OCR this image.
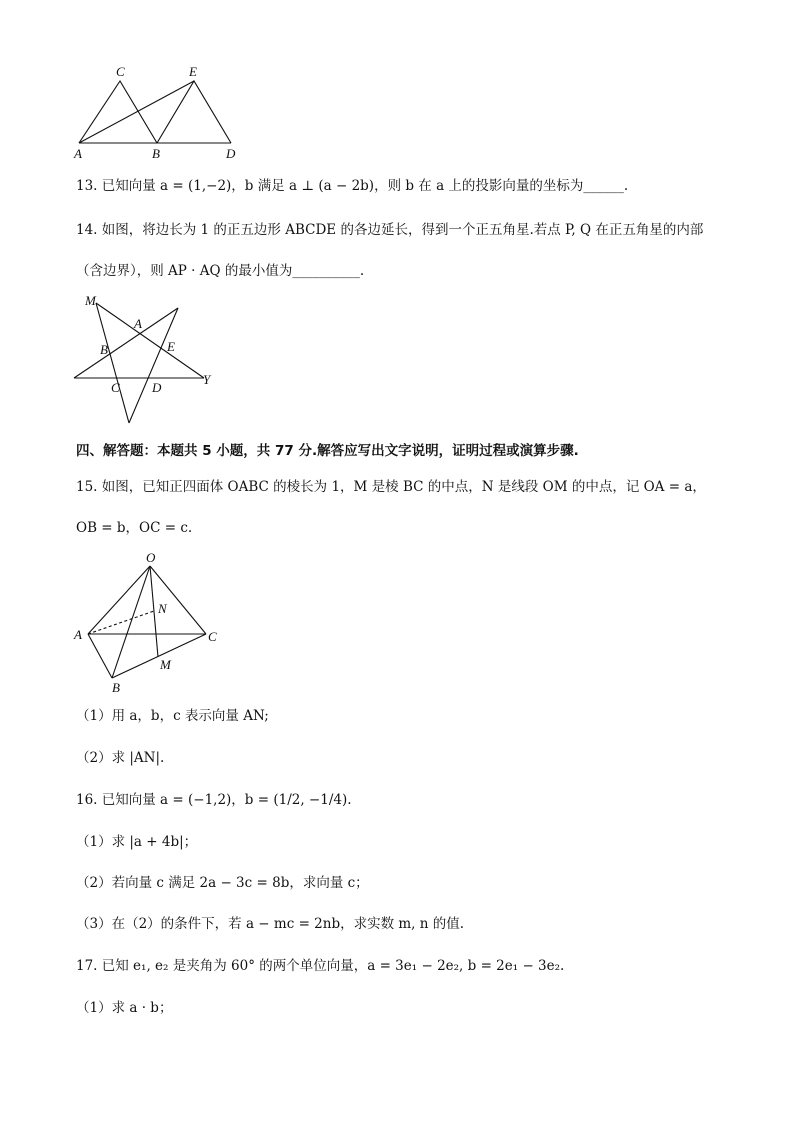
C	E
A	B	D
13. 已知向量 a = (1,−2)，b 满足 a ⊥ (a − 2b)，则 b 在 a 上的投影向量的坐标为______.
14. 如图，将边长为 1 的正五边形 ABCDE 的各边延长，得到一个正五角星.若点 P, Q 在正五角星的内部
（含边界），则 AP · AQ 的最小值为__________.
M
A
B	E
C D
Y
四、解答题：本题共 5 小题，共 77 分.解答应写出文字说明，证明过程或演算步骤.
15. 如图，已知正四面体 OABC 的棱长为 1，M 是棱 BC 的中点，N 是线段 OM 的中点，记 OA = a，
OB = b，OC = c.
O
N
A	C
M
B
（1）用 a，b，c 表示向量 AN;
（2）求 |AN|.
16. 已知向量 a = (−1,2)，b = (1/2, −1/4).
（1）求 |a + 4b|；
（2）若向量 c 满足 2a − 3c = 8b，求向量 c；
（3）在（2）的条件下，若 a − mc = 2nb，求实数 m, n 的值.
17. 已知 e₁, e₂ 是夹角为 60° 的两个单位向量，a = 3e₁ − 2e₂, b = 2e₁ − 3e₂.
（1）求 a · b；
